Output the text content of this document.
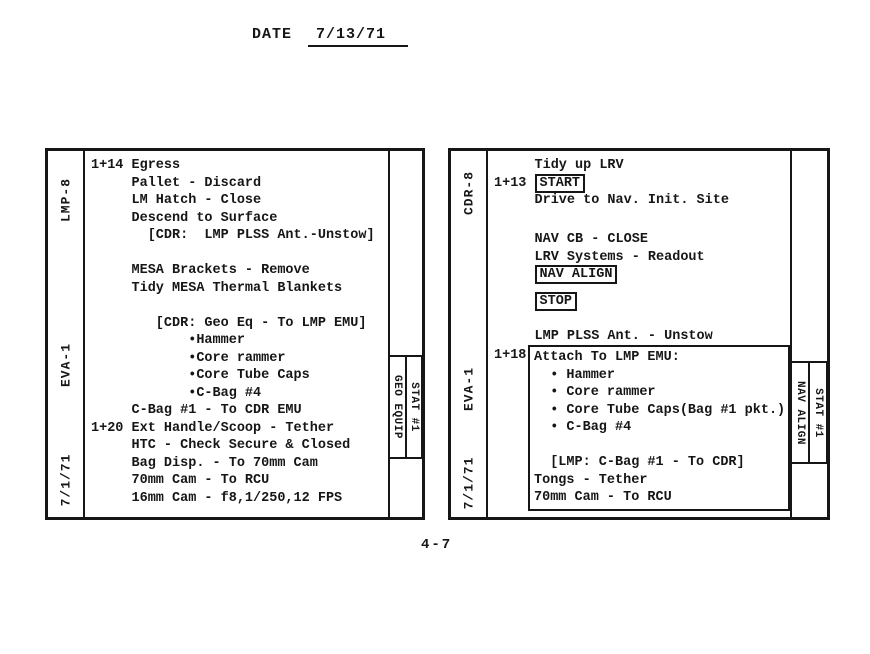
DATE 7/13/71
LMP-8
EVA-1
7/1/71
1+14 Egress
Pallet - Discard
LM Hatch - Close
Descend to Surface
[CDR:  LMP PLSS Ant.-Unstow]
MESA Brackets - Remove
Tidy MESA Thermal Blankets
[CDR: Geo Eq - To LMP EMU]
•Hammer
•Core rammer
•Core Tube Caps
•C-Bag #4
C-Bag #1 - To CDR EMU
1+20 Ext Handle/Scoop - Tether
HTC - Check Secure & Closed
Bag Disp. - To 70mm Cam
70mm Cam - To RCU
16mm Cam - f8,1/250,12 FPS
GEO EQUIP STAT #1
CDR-8
EVA-1
7/1/71
Tidy up LRV
1+13 START
Drive to Nav. Init. Site
NAV CB - CLOSE
LRV Systems - Readout
NAV ALIGN
STOP
LMP PLSS Ant. - Unstow
1+18 Attach To LMP EMU:
• Hammer
• Core rammer
• Core Tube Caps(Bag #1 pkt.)
• C-Bag #4

[LMP: C-Bag #1 - To CDR]
Tongs - Tether
70mm Cam - To RCU
NAV ALIGN STAT #1
4-7
